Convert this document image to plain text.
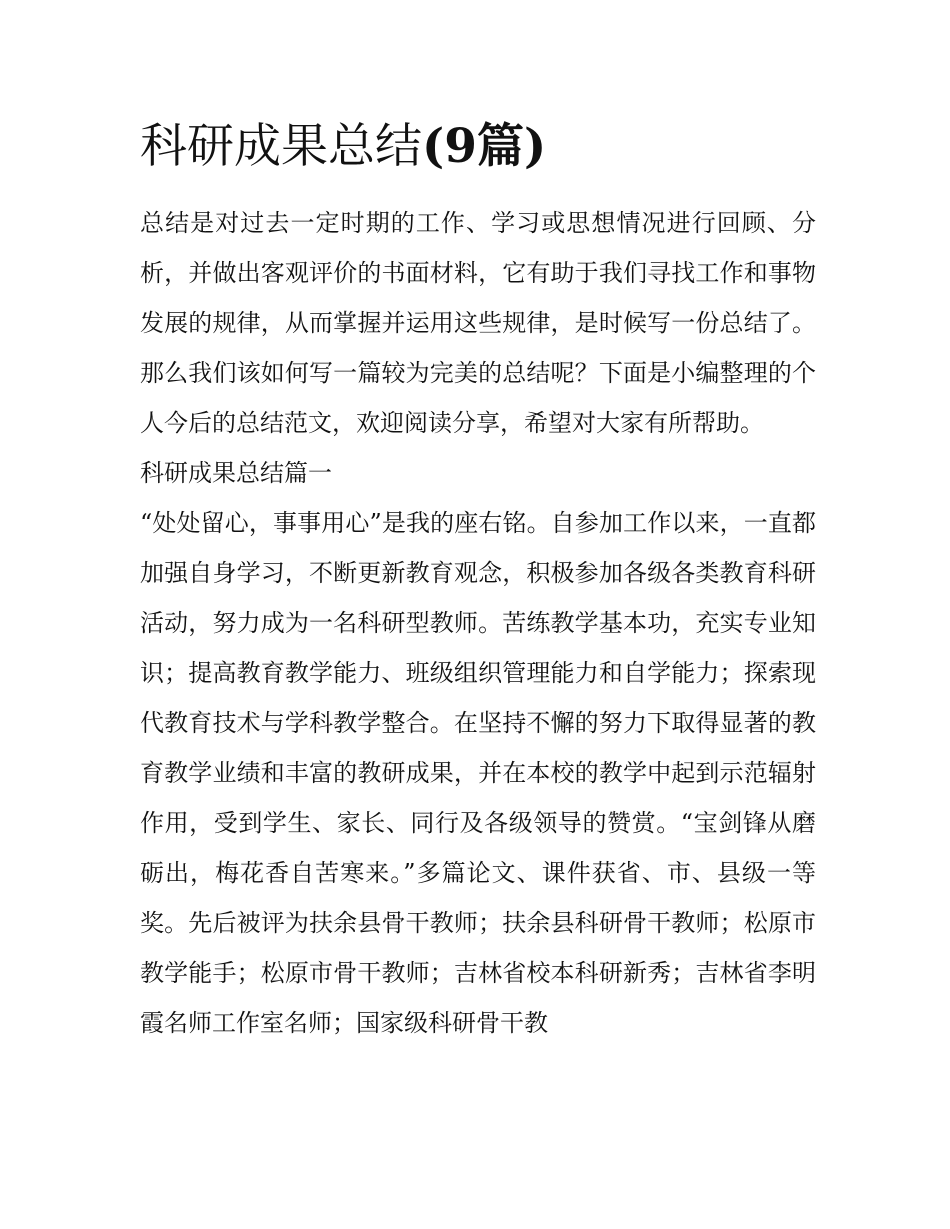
科研成果总结(9篇)

总结是对过去一定时期的工作、学习或思想情况进行回顾、分析，并做出客观评价的书面材料，它有助于我们寻找工作和事物发展的规律，从而掌握并运用这些规律，是时候写一份总结了。那么我们该如何写一篇较为完美的总结呢？下面是小编整理的个人今后的总结范文，欢迎阅读分享，希望对大家有所帮助。

科研成果总结篇一

“处处留心，事事用心”是我的座右铭。自参加工作以来，一直都加强自身学习，不断更新教育观念，积极参加各级各类教育科研活动，努力成为一名科研型教师。苦练教学基本功，充实专业知识；提高教育教学能力、班级组织管理能力和自学能力；探索现代教育技术与学科教学整合。在坚持不懈的努力下取得显著的教育教学业绩和丰富的教研成果，并在本校的教学中起到示范辐射作用，受到学生、家长、同行及各级领导的赞赏。“宝剑锋从磨砺出，梅花香自苦寒来。”多篇论文、课件获省、市、县级一等奖。先后被评为扶余县骨干教师；扶余县科研骨干教师；松原市教学能手；松原市骨干教师；吉林省校本科研新秀；吉林省李明霞名师工作室名师；国家级科研骨干教
